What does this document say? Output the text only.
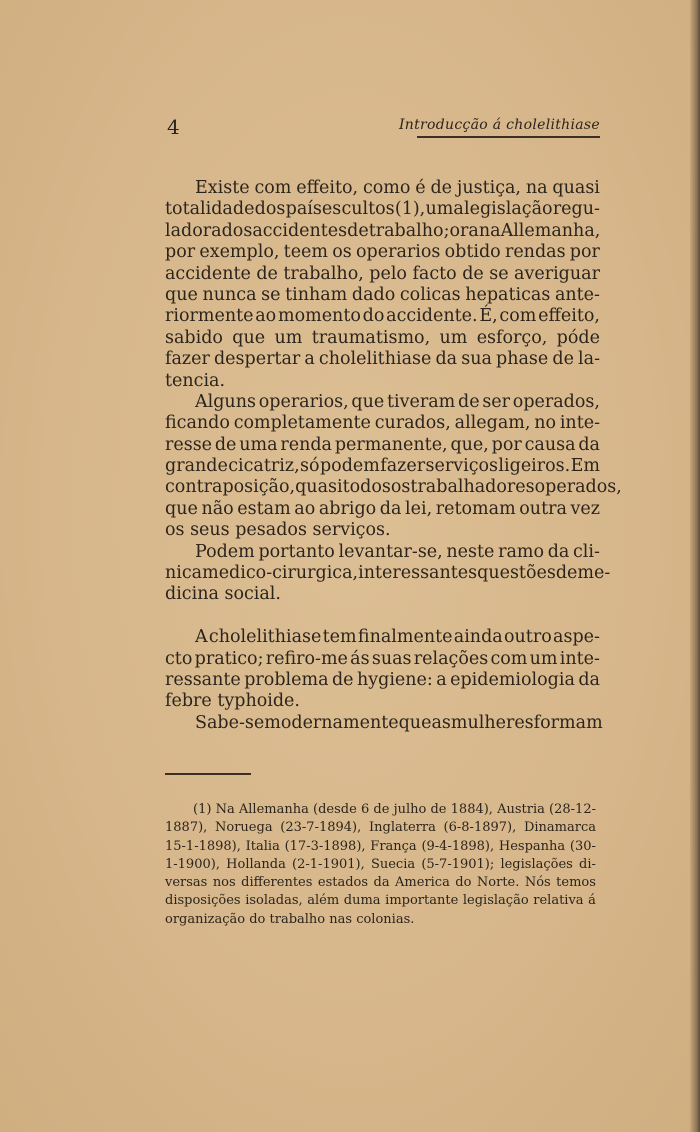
4	Introducção á cholelithiase
Existe com effeito, como é de justiça, na quasi
totalidade dos países cultos (1), uma legislação regu-
ladora dos accidentes de trabalho ; ora na Allemanha,
por exemplo, teem os operarios obtido rendas por
accidente de trabalho, pelo facto de se averiguar
que nunca se tinham dado colicas hepaticas ante-
riormente ao momento do accidente. É, com effeito,
sabido que um traumatismo, um esforço, póde
fazer despertar a cholelithiase da sua phase de la-
tencia.
Alguns operarios, que tiveram de ser operados,
ficando completamente curados, allegam, no inte-
resse de uma renda permanente, que, por causa da
grande cicatriz, só podem fazer serviços ligeiros. Em
contraposição, quasi todos os trabalhadores operados,
que não estam ao abrigo da lei, retomam outra vez
os seus pesados serviços.
Podem portanto levantar-se, neste ramo da cli-
nica medico-cirurgica, interessantes questões de me-
dicina social.
A cholelithiase tem finalmente ainda outro aspe-
cto pratico; refiro-me ás suas relações com um inte-
ressante problema de hygiene: a epidemiologia da
febre typhoide.
Sabe-se modernamente que as mulheres formam
(1) Na Allemanha (desde 6 de julho de 1884), Austria (28-12-
1887), Noruega (23-7-1894), Inglaterra (6-8-1897), Dinamarca
15-1-1898), Italia (17-3-1898), França (9-4-1898), Hespanha (30-
1-1900), Hollanda (2-1-1901), Suecia (5-7-1901); legislações di-
versas nos differentes estados da America do Norte. Nós temos
disposições isoladas, além duma importante legislação relativa á
organização do trabalho nas colonias.
